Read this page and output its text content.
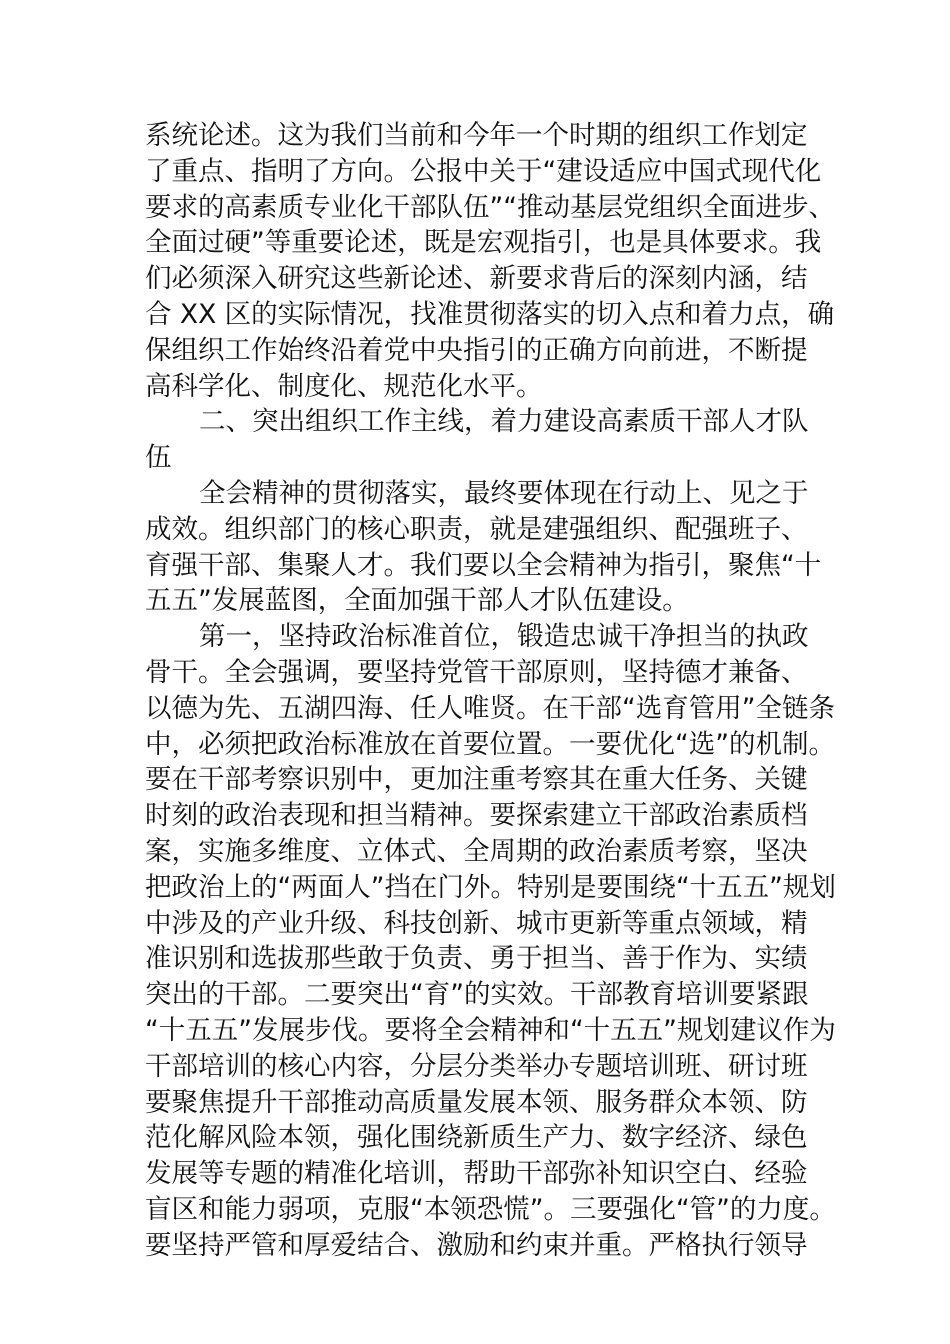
系统论述。这为我们当前和今年一个时期的组织工作划定
了重点、指明了方向。公报中关于“建设适应中国式现代化
要求的高素质专业化干部队伍”“推动基层党组织全面进步、
全面过硬”等重要论述，既是宏观指引，也是具体要求。我
们必须深入研究这些新论述、新要求背后的深刻内涵，结
合 XX 区的实际情况，找准贯彻落实的切入点和着力点，确
保组织工作始终沿着党中央指引的正确方向前进，不断提
高科学化、制度化、规范化水平。
二、突出组织工作主线，着力建设高素质干部人才队
伍
全会精神的贯彻落实，最终要体现在行动上、见之于
成效。组织部门的核心职责，就是建强组织、配强班子、
育强干部、集聚人才。我们要以全会精神为指引，聚焦“十
五五”发展蓝图，全面加强干部人才队伍建设。
第一，坚持政治标准首位，锻造忠诚干净担当的执政
骨干。全会强调，要坚持党管干部原则，坚持德才兼备、
以德为先、五湖四海、任人唯贤。在干部“选育管用”全链条
中，必须把政治标准放在首要位置。一要优化“选”的机制。
要在干部考察识别中，更加注重考察其在重大任务、关键
时刻的政治表现和担当精神。要探索建立干部政治素质档
案，实施多维度、立体式、全周期的政治素质考察，坚决
把政治上的“两面人”挡在门外。特别是要围绕“十五五”规划
中涉及的产业升级、科技创新、城市更新等重点领域，精
准识别和选拔那些敢于负责、勇于担当、善于作为、实绩
突出的干部。二要突出“育”的实效。干部教育培训要紧跟
“十五五”发展步伐。要将全会精神和“十五五”规划建议作为
干部培训的核心内容，分层分类举办专题培训班、研讨班
要聚焦提升干部推动高质量发展本领、服务群众本领、防
范化解风险本领，强化围绕新质生产力、数字经济、绿色
发展等专题的精准化培训，帮助干部弥补知识空白、经验
盲区和能力弱项，克服“本领恐慌”。三要强化“管”的力度。
要坚持严管和厚爱结合、激励和约束并重。严格执行领导
